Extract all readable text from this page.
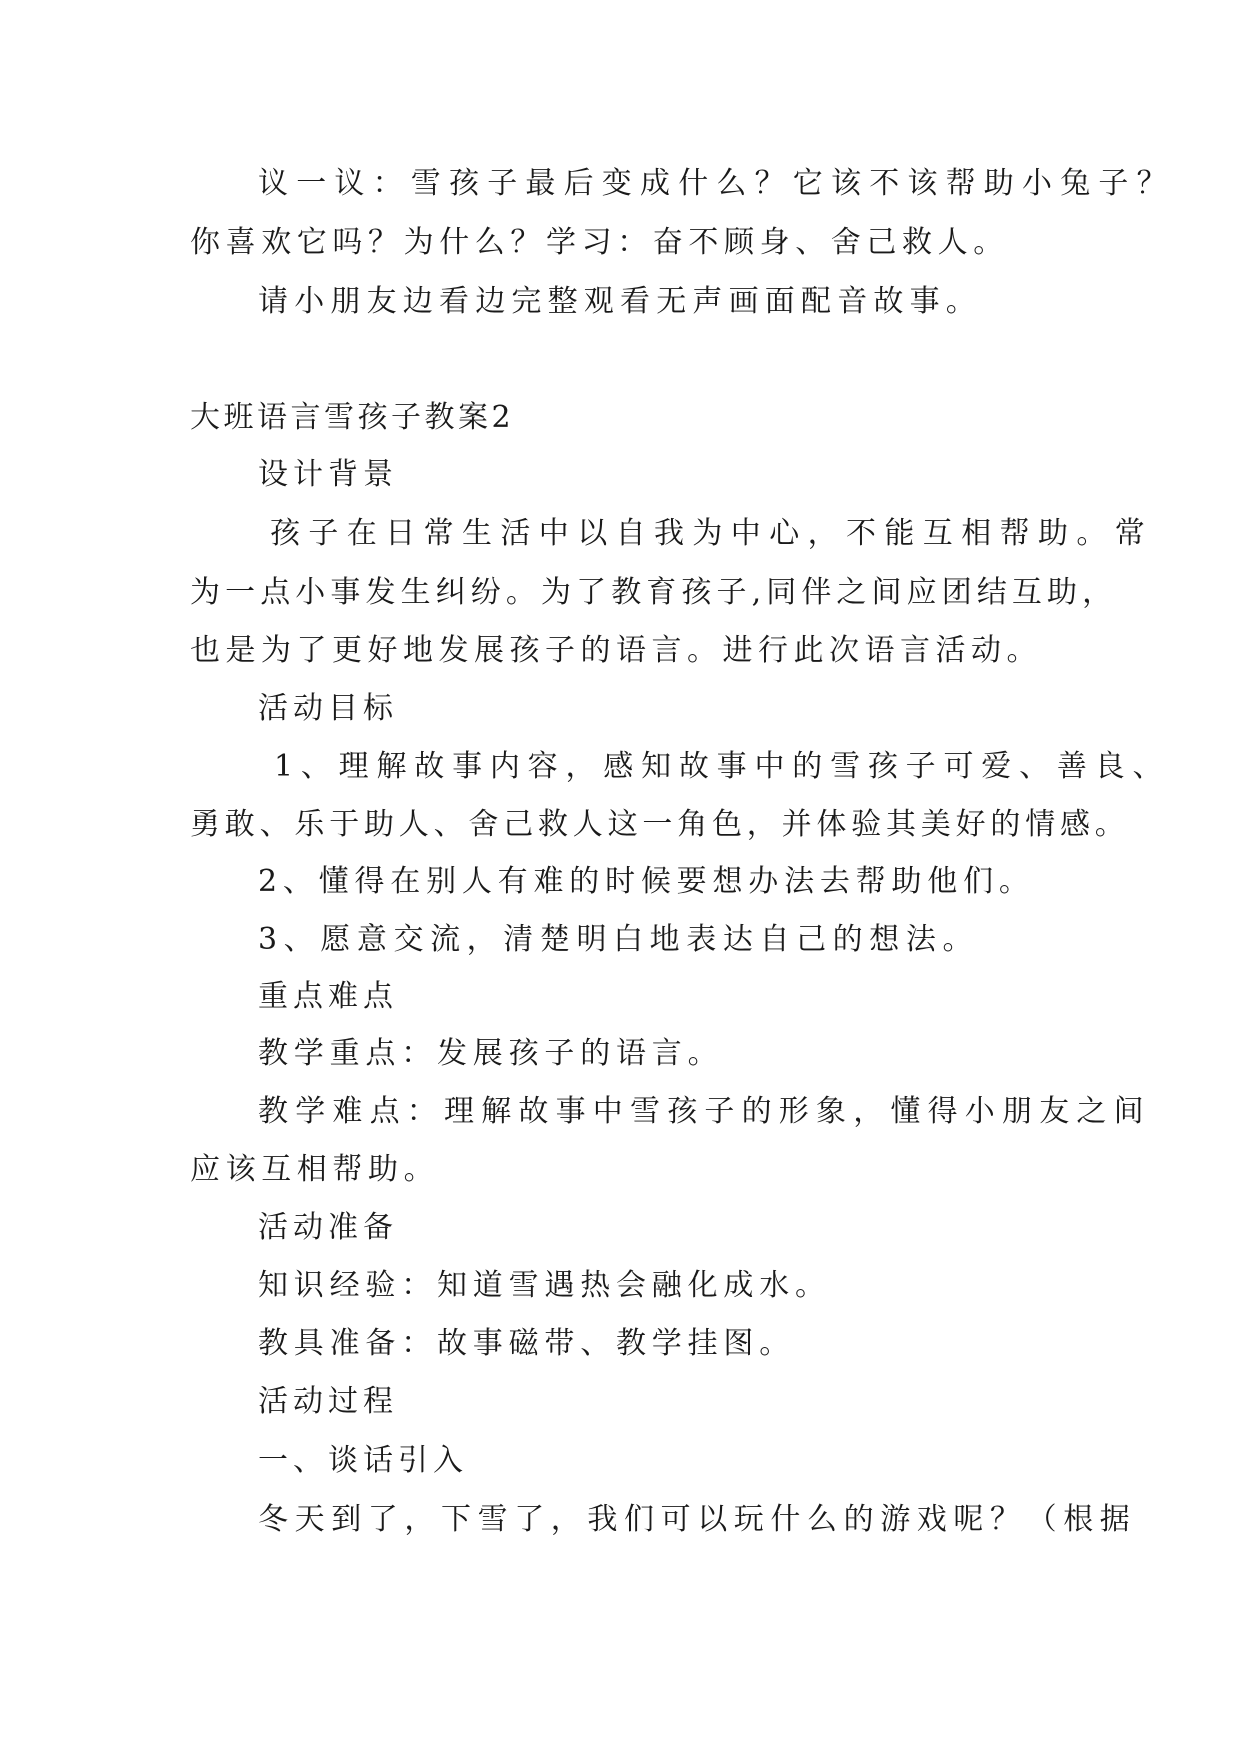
议一议：雪孩子最后变成什么？它该不该帮助小兔子？

你喜欢它吗？为什么？学习：奋不顾身、舍己救人。

请小朋友边看边完整观看无声画面配音故事。

大班语言雪孩子教案2

设计背景

孩子在日常生活中以自我为中心，不能互相帮助。常

为一点小事发生纠纷。为了教育孩子,同伴之间应团结互助，

也是为了更好地发展孩子的语言。进行此次语言活动。

活动目标

1、理解故事内容，感知故事中的雪孩子可爱、善良、

勇敢、乐于助人、舍己救人这一角色，并体验其美好的情感。

2、懂得在别人有难的时候要想办法去帮助他们。

3、愿意交流，清楚明白地表达自己的想法。

重点难点

教学重点：发展孩子的语言。

教学难点：理解故事中雪孩子的形象，懂得小朋友之间

应该互相帮助。

活动准备

知识经验：知道雪遇热会融化成水。

教具准备：故事磁带、教学挂图。

活动过程

一、谈话引入

冬天到了，下雪了，我们可以玩什么的游戏呢？（根据
